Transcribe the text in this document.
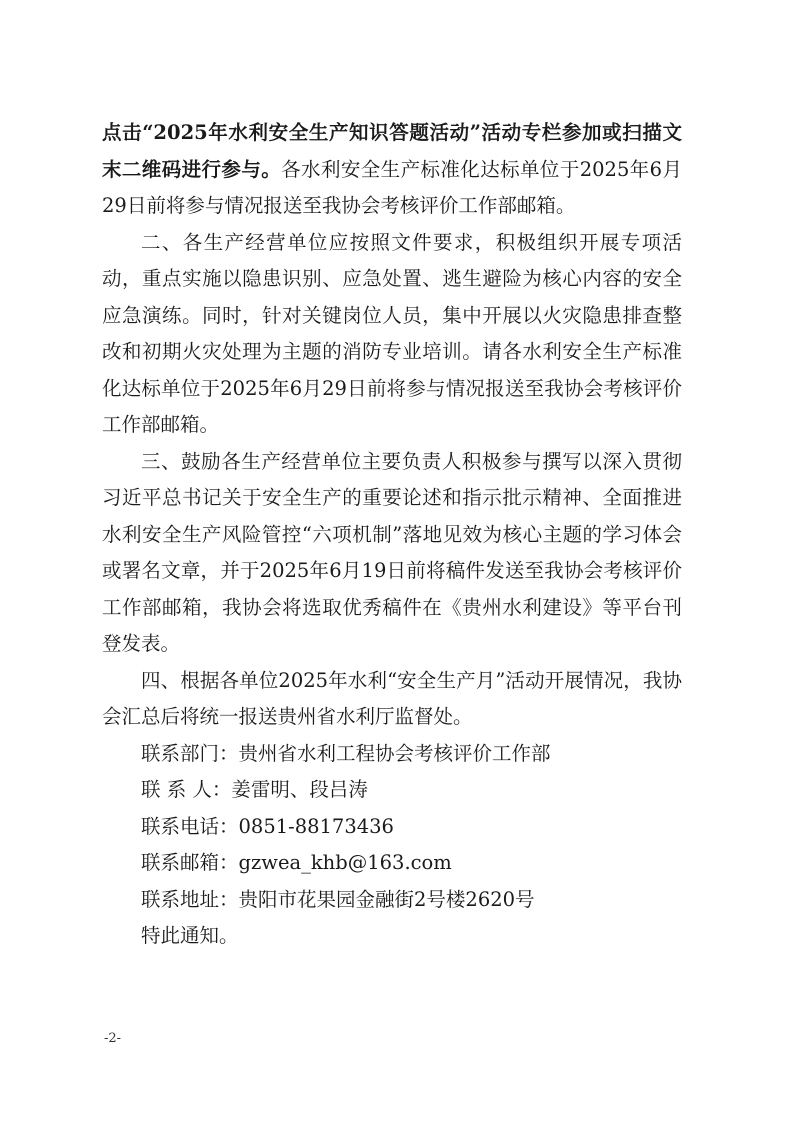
点击“2025年水利安全生产知识答题活动”活动专栏参加或扫描文末二维码进行参与。各水利安全生产标准化达标单位于2025年6月29日前将参与情况报送至我协会考核评价工作部邮箱。

二、各生产经营单位应按照文件要求，积极组织开展专项活动，重点实施以隐患识别、应急处置、逃生避险为核心内容的安全应急演练。同时，针对关键岗位人员，集中开展以火灾隐患排查整改和初期火灾处理为主题的消防专业培训。请各水利安全生产标准化达标单位于2025年6月29日前将参与情况报送至我协会考核评价工作部邮箱。

三、鼓励各生产经营单位主要负责人积极参与撰写以深入贯彻习近平总书记关于安全生产的重要论述和指示批示精神、全面推进水利安全生产风险管控“六项机制”落地见效为核心主题的学习体会或署名文章，并于2025年6月19日前将稿件发送至我协会考核评价工作部邮箱，我协会将选取优秀稿件在《贵州水利建设》等平台刊登发表。

四、根据各单位2025年水利“安全生产月”活动开展情况，我协会汇总后将统一报送贵州省水利厅监督处。

联系部门：贵州省水利工程协会考核评价工作部

联 系 人：姜雷明、段吕涛

联系电话：0851-88173436

联系邮箱：gzwea_khb@163.com

联系地址：贵阳市花果园金融街2号楼2620号

特此通知。

-2-
